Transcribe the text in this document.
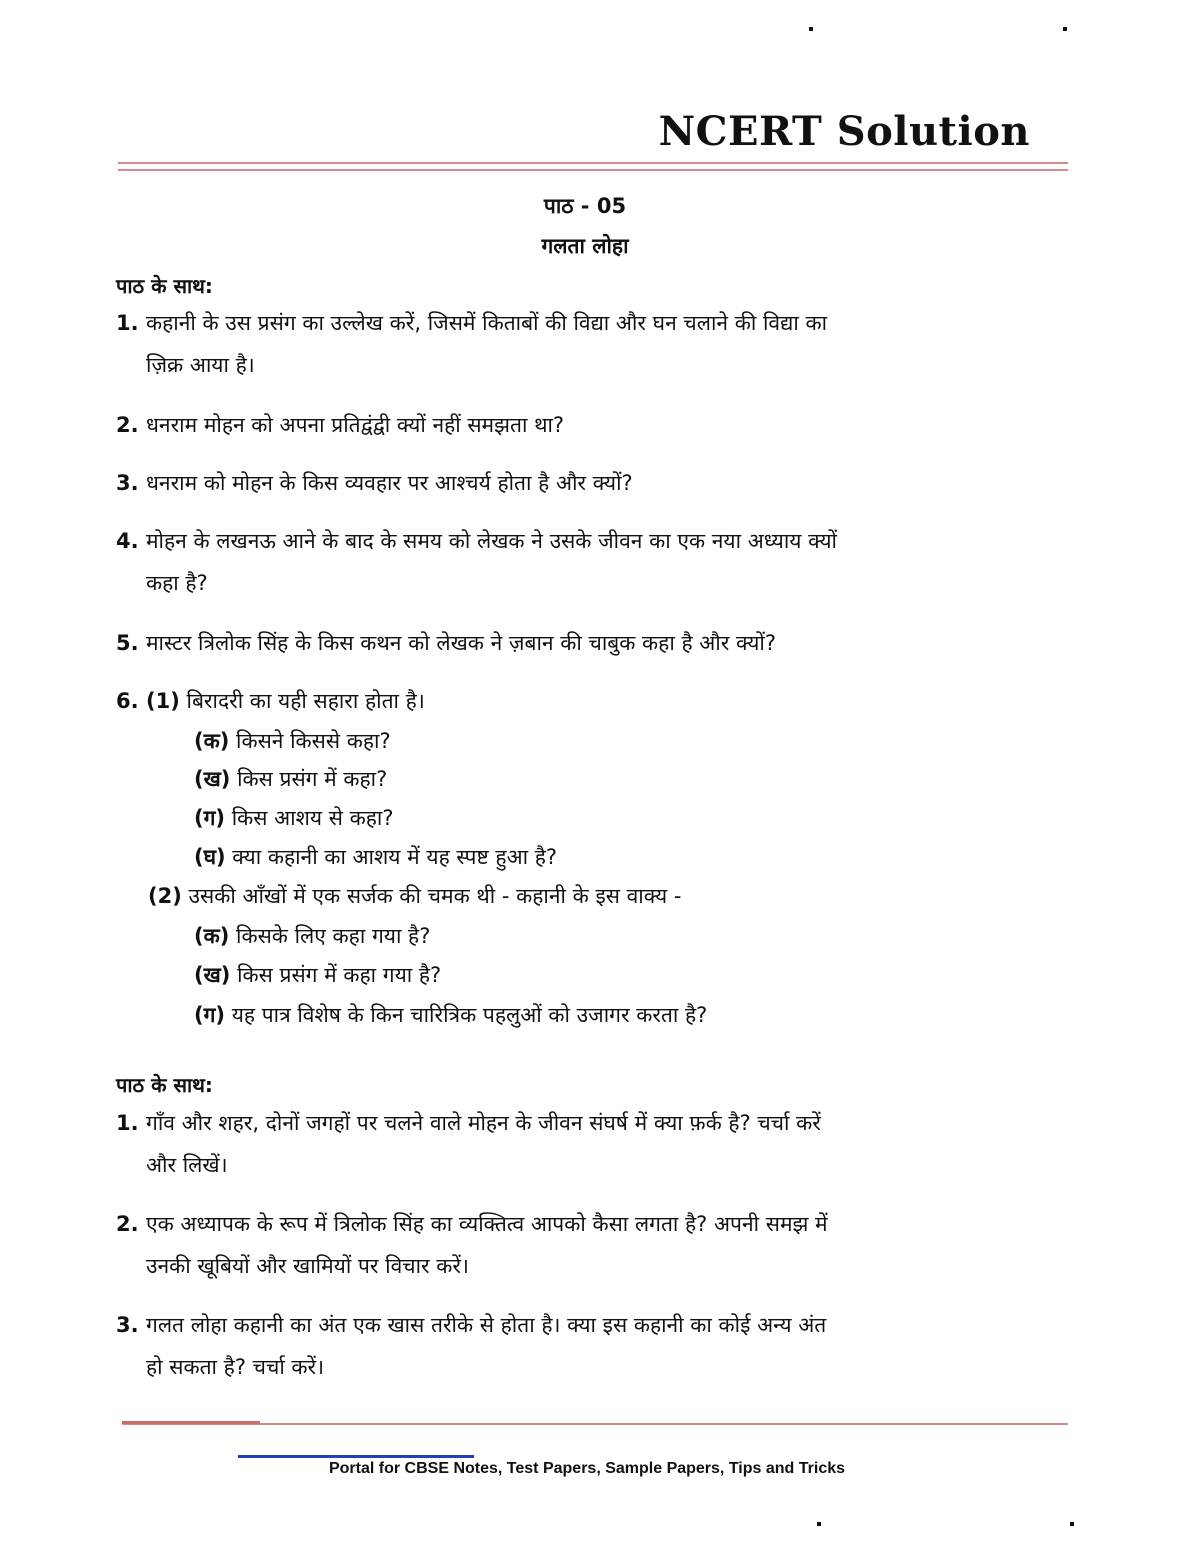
NCERT Solution
पाठ - 05
गलता लोहा
पाठ के साथ:
1. कहानी के उस प्रसंग का उल्लेख करें, जिसमें किताबों की विद्या और घन चलाने की विद्या का
ज़िक्र आया है।
2. धनराम मोहन को अपना प्रतिद्वंद्वी क्यों नहीं समझता था?
3. धनराम को मोहन के किस व्यवहार पर आश्चर्य होता है और क्यों?
4. मोहन के लखनऊ आने के बाद के समय को लेखक ने उसके जीवन का एक नया अध्याय क्यों
कहा है?
5. मास्टर त्रिलोक सिंह के किस कथन को लेखक ने ज़बान की चाबुक कहा है और क्यों?
6. (1) बिरादरी का यही सहारा होता है।
(क) किसने किससे कहा?
(ख) किस प्रसंग में कहा?
(ग) किस आशय से कहा?
(घ) क्या कहानी का आशय में यह स्पष्ट हुआ है?
(2) उसकी आँखों में एक सर्जक की चमक थी - कहानी के इस वाक्य -
(क) किसके लिए कहा गया है?
(ख) किस प्रसंग में कहा गया है?
(ग) यह पात्र विशेष के किन चारित्रिक पहलुओं को उजागर करता है?
पाठ के साथ:
1. गाँव और शहर, दोनों जगहों पर चलने वाले मोहन के जीवन संघर्ष में क्या फ़र्क है? चर्चा करें
और लिखें।
2. एक अध्यापक के रूप में त्रिलोक सिंह का व्यक्तित्व आपको कैसा लगता है? अपनी समझ में
उनकी खूबियों और खामियों पर विचार करें।
3. गलत लोहा कहानी का अंत एक खास तरीके से होता है। क्या इस कहानी का कोई अन्य अंत
हो सकता है? चर्चा करें।
Portal for CBSE Notes, Test Papers, Sample Papers, Tips and Tricks
